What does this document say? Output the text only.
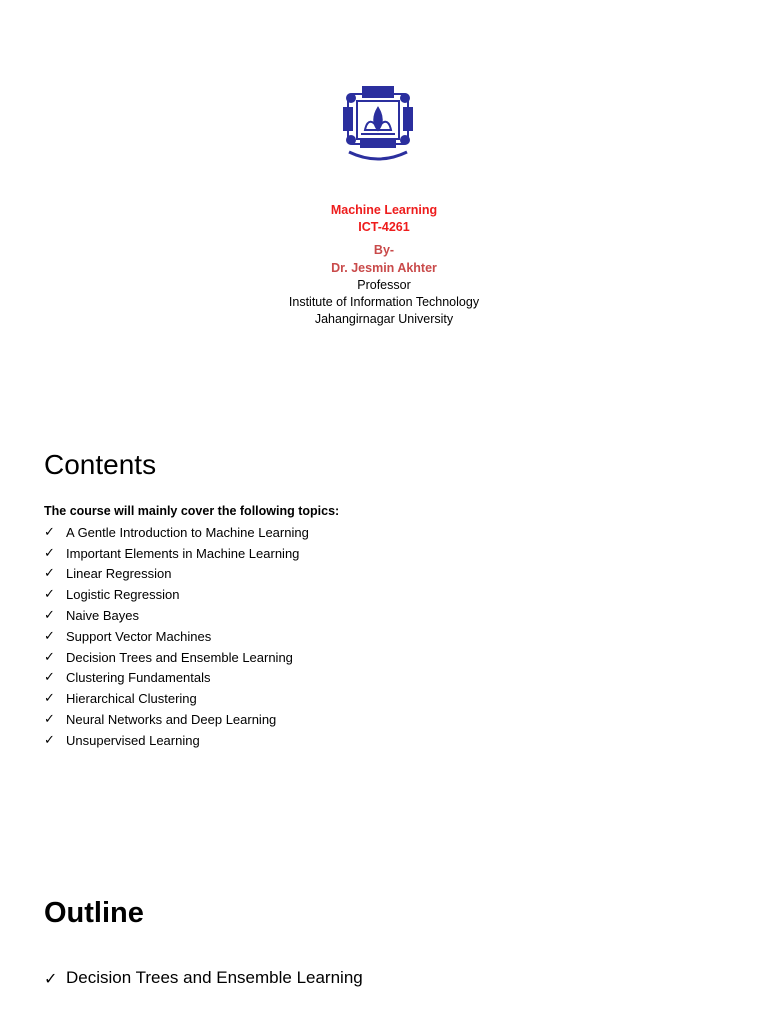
Machine Learning
ICT-4261
By-
Dr. Jesmin Akhter
Professor
Institute of Information Technology
Jahangirnagar University
Contents

The course will mainly cover the following topics:

✓ A Gentle Introduction to Machine Learning
✓ Important Elements in Machine Learning
✓ Linear Regression
✓ Logistic Regression
✓ Naive Bayes
✓ Support Vector Machines
✓ Decision Trees and Ensemble Learning
✓ Clustering Fundamentals
✓ Hierarchical Clustering
✓ Neural Networks and Deep Learning
✓ Unsupervised Learning
Outline
✓ Decision Trees and Ensemble Learning
